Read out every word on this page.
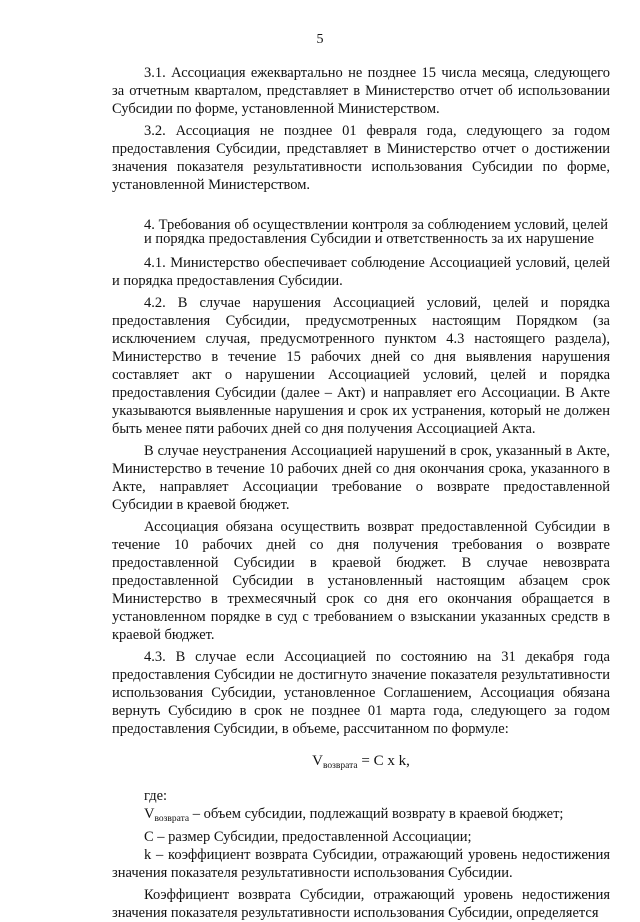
5

3.1. Ассоциация ежеквартально не позднее 15 числа месяца, следующего за отчетным кварталом, представляет в Министерство отчет об использовании Субсидии по форме, установленной Министерством.

3.2. Ассоциация не позднее 01 февраля года, следующего за годом предоставления Субсидии, представляет в Министерство отчет о достижении значения показателя результативности использования Субсидии по форме, установленной Министерством.

4. Требования об осуществлении контроля за соблюдением условий, целей и порядка предоставления Субсидии и ответственность за их нарушение

4.1. Министерство обеспечивает соблюдение Ассоциацией условий, целей и порядка предоставления Субсидии.

4.2. В случае нарушения Ассоциацией условий, целей и порядка предоставления Субсидии, предусмотренных настоящим Порядком (за исключением случая, предусмотренного пунктом 4.3 настоящего раздела), Министерство в течение 15 рабочих дней со дня выявления нарушения составляет акт о нарушении Ассоциацией условий, целей и порядка предоставления Субсидии (далее – Акт) и направляет его Ассоциации. В Акте указываются выявленные нарушения и срок их устранения, который не должен быть менее пяти рабочих дней со дня получения Ассоциацией Акта.

В случае неустранения Ассоциацией нарушений в срок, указанный в Акте, Министерство в течение 10 рабочих дней со дня окончания срока, указанного в Акте, направляет Ассоциации требование о возврате предоставленной Субсидии в краевой бюджет.

Ассоциация обязана осуществить возврат предоставленной Субсидии в течение 10 рабочих дней со дня получения требования о возврате предоставленной Субсидии в краевой бюджет. В случае невозврата предоставленной Субсидии в установленный настоящим абзацем срок Министерство в трехмесячный срок со дня его окончания обращается в установленном порядке в суд с требованием о взыскании указанных средств в краевой бюджет.

4.3. В случае если Ассоциацией по состоянию на 31 декабря года предоставления Субсидии не достигнуто значение показателя результативности использования Субсидии, установленное Соглашением, Ассоциация обязана вернуть Субсидию в срок не позднее 01 марта года, следующего за годом предоставления Субсидии, в объеме, рассчитанном по формуле:

$V_{возврата} = C$ x k,
где:

$V_{возврата}$ – объем субсидии, подлежащий возврату в краевой бюджет;

C – размер Субсидии, предоставленной Ассоциации;

k – коэффициент возврата Субсидии, отражающий уровень недостижения значения показателя результативности использования Субсидии.

Коэффициент возврата Субсидии, отражающий уровень недостижения значения показателя результативности использования Субсидии, определяется
